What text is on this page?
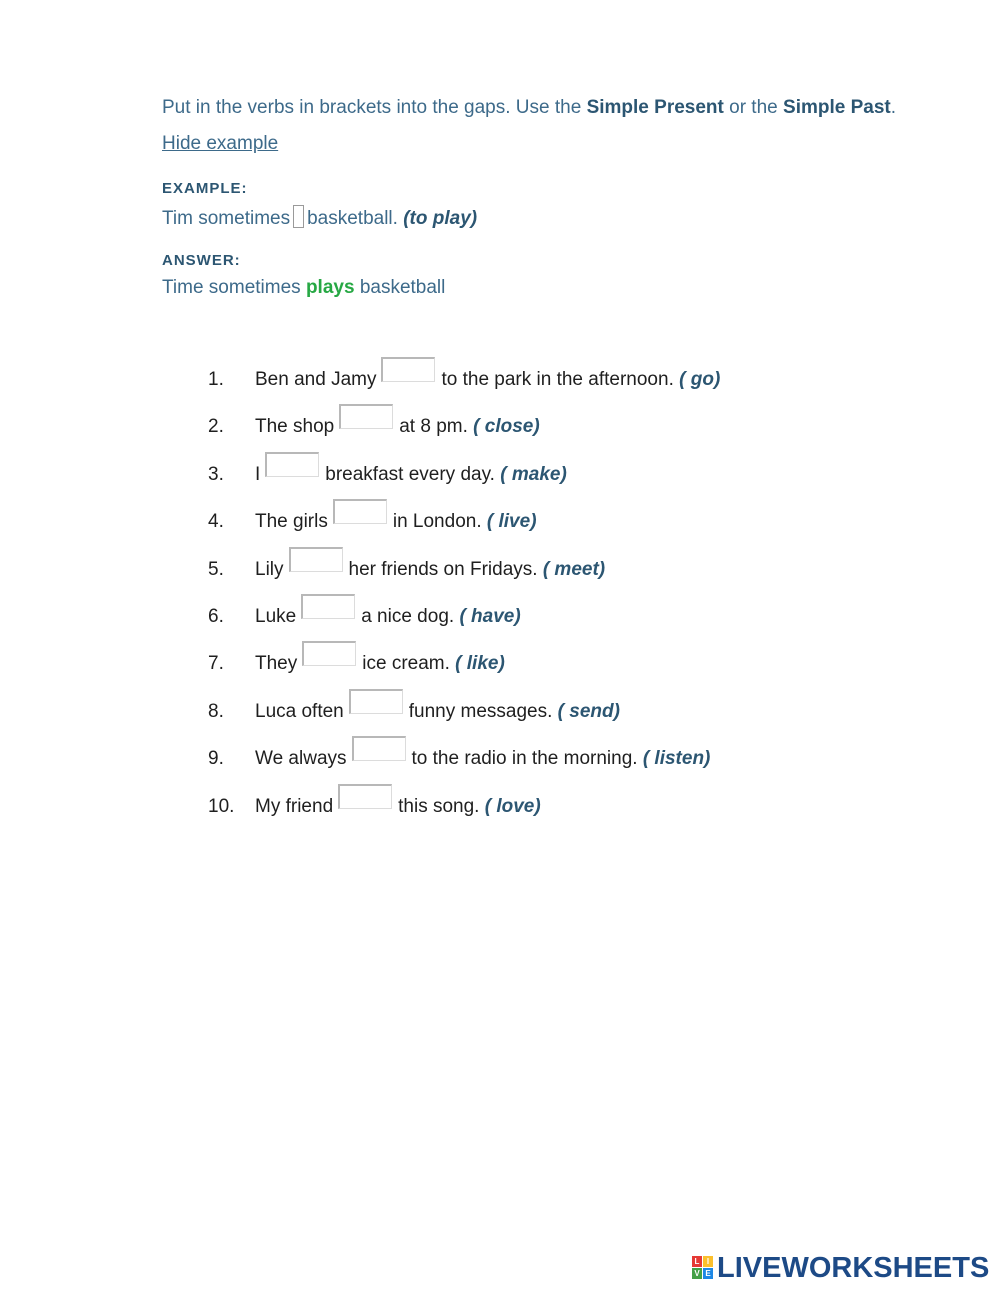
Put in the verbs in brackets into the gaps. Use the Simple Present or the Simple Past.
Hide example
EXAMPLE:
Tim sometimes basketball. (to play)
ANSWER:
Time sometimes plays basketball
1. Ben and Jamy	to the park in the afternoon. ( go)
2. The shop	at 8 pm. ( close)
3. I	breakfast every day. ( make)
4. The girls	in London. ( live)
5. Lily	her friends on Fridays. ( meet)
6. Luke	a nice dog. ( have)
7. They	ice cream. ( like)
8. Luca often	funny messages. ( send)
9. We always	to the radio in the morning. ( listen)
10. My friend	this song. ( love)
L I
V E LIVEWORKSHEETS
